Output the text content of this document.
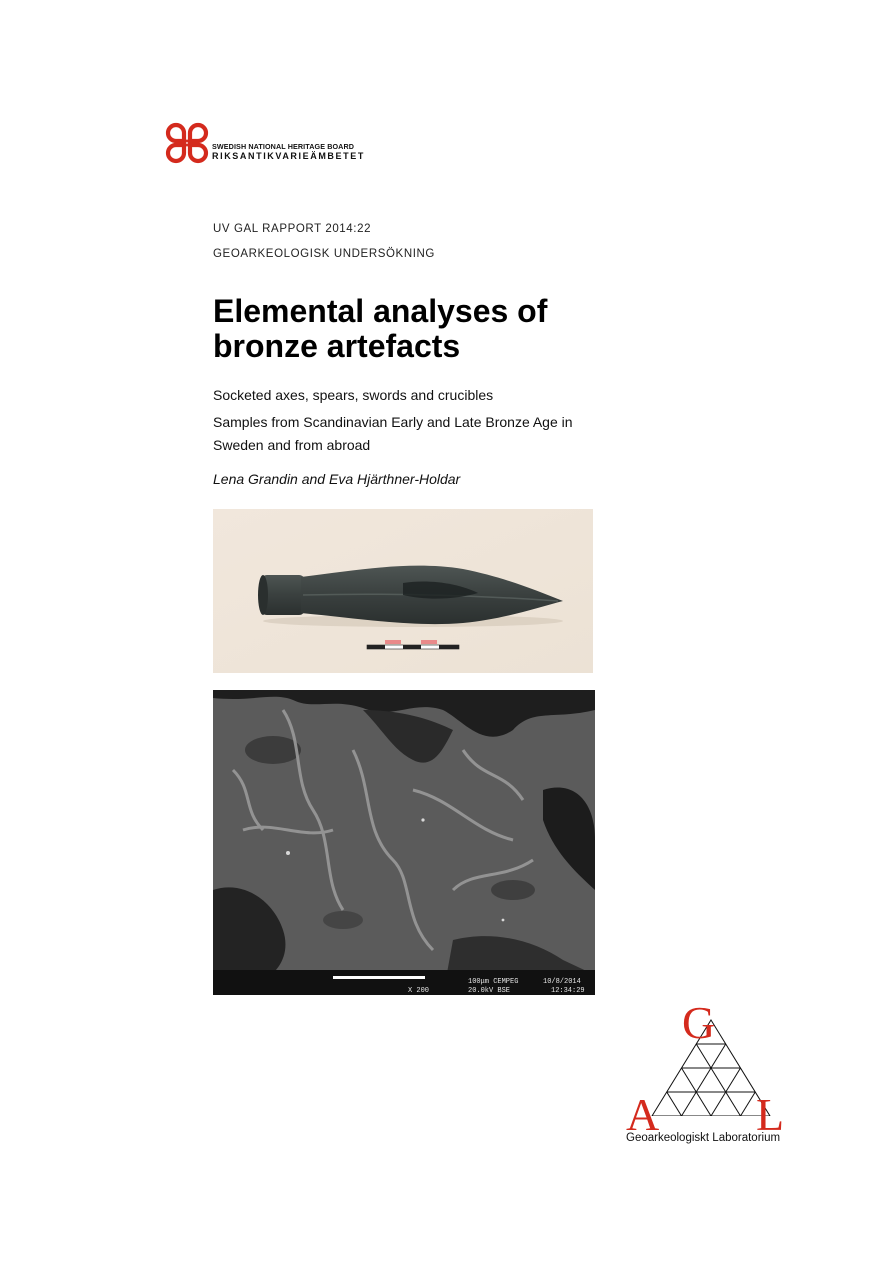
SWEDISH NATIONAL HERITAGE BOARD
RIKSANTIKVARIEÄMBETET
UV GAL RAPPORT 2014:22
GEOARKEOLOGISK UNDERSÖKNING
Elemental analyses of bronze artefacts
Socketed axes, spears, swords and crucibles
Samples from Scandinavian Early and Late Bronze Age in Sweden and from abroad
Lena Grandin and Eva Hjärthner-Holdar
100μm CEMPEG	10/8/2014
X 200	20.0kV BSE	12:34:29
G
A L
Geoarkeologiskt Laboratorium
